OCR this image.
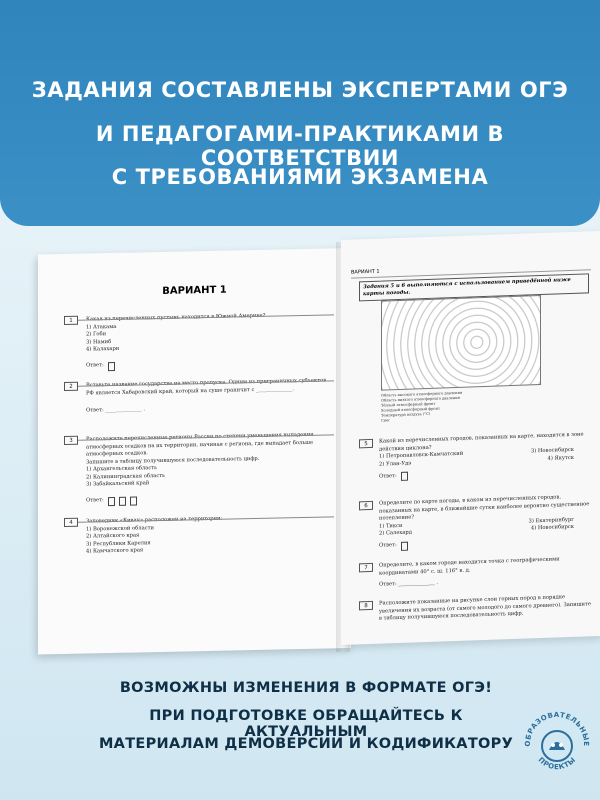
ЗАДАНИЯ СОСТАВЛЕНЫ ЭКСПЕРТАМИ ОГЭ
И ПЕДАГОГАМИ-ПРАКТИКАМИ В СООТВЕТСТВИИ
С ТРЕБОВАНИЯМИ ЭКЗАМЕНА
ВАРИАНТ 1
1	Какая из перечисленных пустынь находится в Южной Америке?
1) Атакама
2) Гоби
3) Намиб
4) Калахари
Ответ:
2	Вставьте название государства на место пропуска. Одним из приграничных субъектов РФ является Хабаровский край, который на суше граничит с ______________.
Ответ: ______________ .
3	Расположите перечисленные регионы России по степени уменьшения выпадения атмосферных осадков на их территории, начиная с региона, где выпадает больше атмосферных осадков.
Запишите в таблицу получившуюся последовательность цифр.
1) Архангельская область
2) Калининградская область
3) Забайкальский край
Ответ:
4	Заповедник «Кивач» расположен на территории:
1) Воронежской области
2) Алтайского края
3) Республики Карелия
4) Камчатского края
ВАРИАНТ 1
Задания 5 и 6 выполняются с использованием приведённой ниже карты погоды.
Область высокого атмосферного давления
Область низкого атмосферного давления
Тёплый атмосферный фронт
Холодный атмосферный фронт
Температура воздуха (°C)
Снег
5	Какой из перечисленных городов, показанных на карте, находится в зоне действия циклона?
1) Петропавловск-Камчатский
3) Новосибирск
2) Улан-Удэ
4) Якутск
Ответ:
6	Определите по карте погоды, в каком из перечисленных городов, показанных на карте, в ближайшие сутки наиболее вероятно существенное потепление?
1) Тикси
3) Екатеринбург
2) Салехард
4) Новосибирск
Ответ:
7	Определите, в каком городе находится точка с географическими координатами 40° с. ш. 116° в. д.
Ответ: ______________ .
8	Расположите показанные на рисунке слои горных пород в порядке увеличения их возраста (от самого молодого до самого древнего). Запишите в таблицу получившуюся последовательность цифр.
ВОЗМОЖНЫ ИЗМЕНЕНИЯ В ФОРМАТЕ ОГЭ!
ПРИ ПОДГОТОВКЕ ОБРАЩАЙТЕСЬ К АКТУАЛЬНЫМ
МАТЕРИАЛАМ ДЕМОВЕРСИИ И КОДИФИКАТОРУ	ОБРАЗОВАТЕЛЬНЫЕ
ПРОЕКТЫ
